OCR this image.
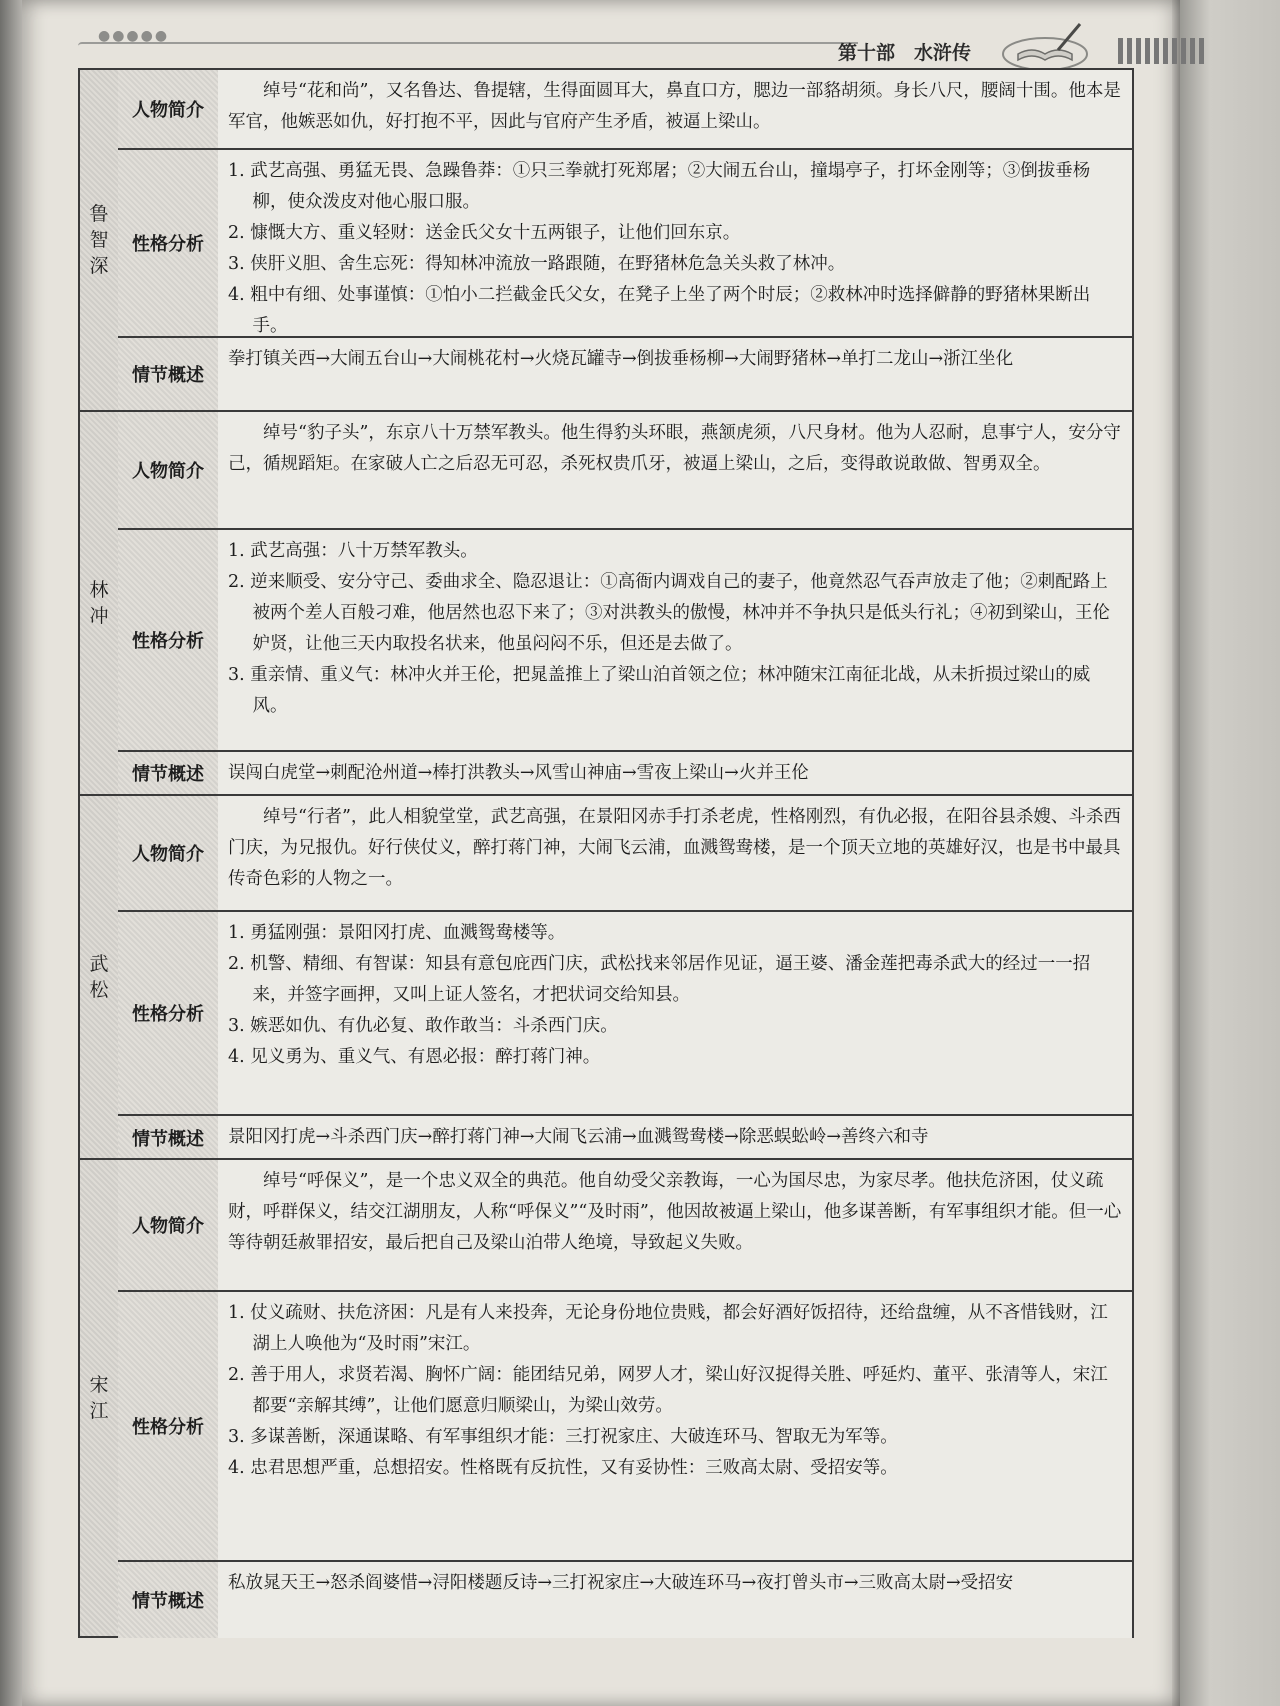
●●●●●
第十部　水浒传
鲁智深
人物简介

绰号“花和尚”，又名鲁达、鲁提辖，生得面圆耳大，鼻直口方，腮边一部貉胡须。身长八尺，腰阔十围。他本是军官，他嫉恶如仇，好打抱不平，因此与官府产生矛盾，被逼上梁山。

性格分析

1. 武艺高强、勇猛无畏、急躁鲁莽：①只三拳就打死郑屠；②大闹五台山，撞塌亭子，打坏金刚等；③倒拔垂杨柳，使众泼皮对他心服口服。

2. 慷慨大方、重义轻财：送金氏父女十五两银子，让他们回东京。

3. 侠肝义胆、舍生忘死：得知林冲流放一路跟随，在野猪林危急关头救了林冲。

4. 粗中有细、处事谨慎：①怕小二拦截金氏父女，在凳子上坐了两个时辰；②救林冲时选择僻静的野猪林果断出手。

情节概述

拳打镇关西→大闹五台山→大闹桃花村→火烧瓦罐寺→倒拔垂杨柳→大闹野猪林→单打二龙山→浙江坐化

林冲
人物简介

绰号“豹子头”，东京八十万禁军教头。他生得豹头环眼，燕颔虎须，八尺身材。他为人忍耐，息事宁人，安分守己，循规蹈矩。在家破人亡之后忍无可忍，杀死权贵爪牙，被逼上梁山，之后，变得敢说敢做、智勇双全。

性格分析

1. 武艺高强：八十万禁军教头。

2. 逆来顺受、安分守己、委曲求全、隐忍退让：①高衙内调戏自己的妻子，他竟然忍气吞声放走了他；②刺配路上被两个差人百般刁难，他居然也忍下来了；③对洪教头的傲慢，林冲并不争执只是低头行礼；④初到梁山，王伦妒贤，让他三天内取投名状来，他虽闷闷不乐，但还是去做了。

3. 重亲情、重义气：林冲火并王伦，把晁盖推上了梁山泊首领之位；林冲随宋江南征北战，从未折损过梁山的威风。

情节概述	误闯白虎堂→刺配沧州道→棒打洪教头→风雪山神庙→雪夜上梁山→火并王伦

武松
人物简介

绰号“行者”，此人相貌堂堂，武艺高强，在景阳冈赤手打杀老虎，性格刚烈，有仇必报，在阳谷县杀嫂、斗杀西门庆，为兄报仇。好行侠仗义，醉打蒋门神，大闹飞云浦，血溅鸳鸯楼，是一个顶天立地的英雄好汉，也是书中最具传奇色彩的人物之一。

性格分析

1. 勇猛刚强：景阳冈打虎、血溅鸳鸯楼等。

2. 机警、精细、有智谋：知县有意包庇西门庆，武松找来邻居作见证，逼王婆、潘金莲把毒杀武大的经过一一招来，并签字画押，又叫上证人签名，才把状词交给知县。

3. 嫉恶如仇、有仇必复、敢作敢当：斗杀西门庆。

4. 见义勇为、重义气、有恩必报：醉打蒋门神。

情节概述	景阳冈打虎→斗杀西门庆→醉打蒋门神→大闹飞云浦→血溅鸳鸯楼→除恶蜈蚣岭→善终六和寺

宋江
人物简介

绰号“呼保义”，是一个忠义双全的典范。他自幼受父亲教诲，一心为国尽忠，为家尽孝。他扶危济困，仗义疏财，呼群保义，结交江湖朋友，人称“呼保义”“及时雨”，他因故被逼上梁山，他多谋善断，有军事组织才能。但一心等待朝廷赦罪招安，最后把自己及梁山泊带人绝境，导致起义失败。

性格分析

1. 仗义疏财、扶危济困：凡是有人来投奔，无论身份地位贵贱，都会好酒好饭招待，还给盘缠，从不吝惜钱财，江湖上人唤他为“及时雨”宋江。

2. 善于用人，求贤若渴、胸怀广阔：能团结兄弟，网罗人才，梁山好汉捉得关胜、呼延灼、董平、张清等人，宋江都要“亲解其缚”，让他们愿意归顺梁山，为梁山效劳。

3. 多谋善断，深通谋略、有军事组织才能：三打祝家庄、大破连环马、智取无为军等。

4. 忠君思想严重，总想招安。性格既有反抗性，又有妥协性：三败高太尉、受招安等。

情节概述

私放晁天王→怒杀阎婆惜→浔阳楼题反诗→三打祝家庄→大破连环马→夜打曾头市→三败高太尉→受招安
